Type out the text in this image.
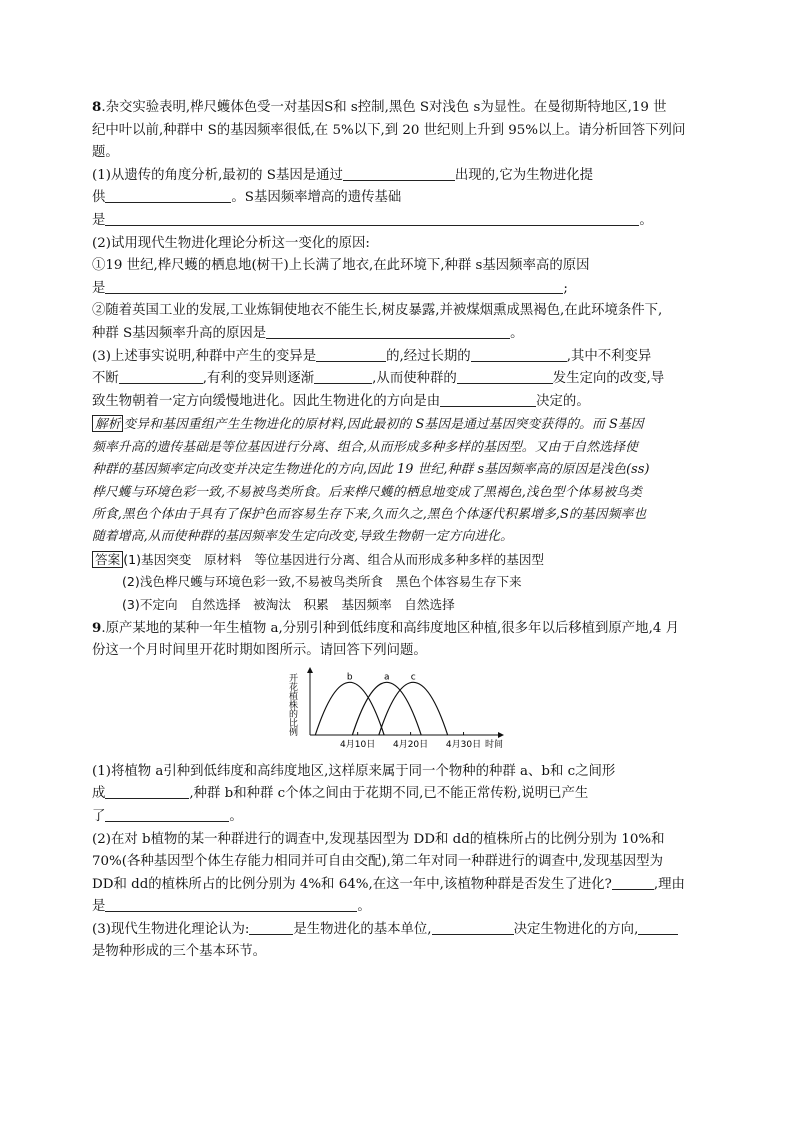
8.杂交实验表明,桦尺蠖体色受一对基因S和 s控制,黑色 S对浅色 s为显性。在曼彻斯特地区,19 世
纪中叶以前,种群中 S的基因频率很低,在 5%以下,到 20 世纪则上升到 95%以上。请分析回答下列问
题。
(1)从遗传的角度分析,最初的 S基因是通过	出现的,它为生物进化提
供	。S基因频率增高的遗传基础
是	。
(2)试用现代生物进化理论分析这一变化的原因:
①19 世纪,桦尺蠖的栖息地(树干)上长满了地衣,在此环境下,种群 s基因频率高的原因
是	;
②随着英国工业的发展,工业炼铜使地衣不能生长,树皮暴露,并被煤烟熏成黑褐色,在此环境条件下,
种群 S基因频率升高的原因是	。
(3)上述事实说明,种群中产生的变异是	的,经过长期的	,其中不利变异
不断	,有利的变异则逐渐	,从而使种群的	发生定向的改变,导
致生物朝着一定方向缓慢地进化。因此生物进化的方向是由	决定的。
解析 变异和基因重组产生生物进化的原材料,因此最初的 S基因是通过基因突变获得的。而 S基因
频率升高的遗传基础是等位基因进行分离、组合,从而形成多种多样的基因型。又由于自然选择使
种群的基因频率定向改变并决定生物进化的方向,因此 19 世纪,种群 s基因频率高的原因是浅色(ss)
桦尺蠖与环境色彩一致,不易被鸟类所食。后来桦尺蠖的栖息地变成了黑褐色,浅色型个体易被鸟类
所食,黑色个体由于具有了保护色而容易生存下来,久而久之,黑色个体逐代积累增多,S的基因频率也
随着增高,从而使种群的基因频率发生定向改变,导致生物朝一定方向进化。
答案 (1)基因突变　原材料　等位基因进行分离、组合从而形成多种多样的基因型
(2)浅色桦尺蠖与环境色彩一致,不易被鸟类所食　黑色个体容易生存下来
(3)不定向　自然选择　被淘汰　积累　基因频率　自然选择
9.原产某地的某种一年生植物 a,分别引种到低纬度和高纬度地区种植,很多年以后移植到原产地,4 月
份这一个月时间里开花时期如图所示。请回答下列问题。
开花植株的比例
4月10日 4月20日 4月30日 时间
b	a c
(1)将植物 a引种到低纬度和高纬度地区,这样原来属于同一个物种的种群 a、b和 c之间形
成	,种群 b和种群 c个体之间由于花期不同,已不能正常传粉,说明已产生
了	。
(2)在对 b植物的某一种群进行的调查中,发现基因型为 DD和 dd的植株所占的比例分别为 10%和
70%(各种基因型个体生存能力相同并可自由交配),第二年对同一种群进行的调查中,发现基因型为
DD和 dd的植株所占的比例分别为 4%和 64%,在这一年中,该植物种群是否发生了进化?	,理由
是	。
(3)现代生物进化理论认为:	是生物进化的基本单位,	决定生物进化的方向,
是物种形成的三个基本环节。
